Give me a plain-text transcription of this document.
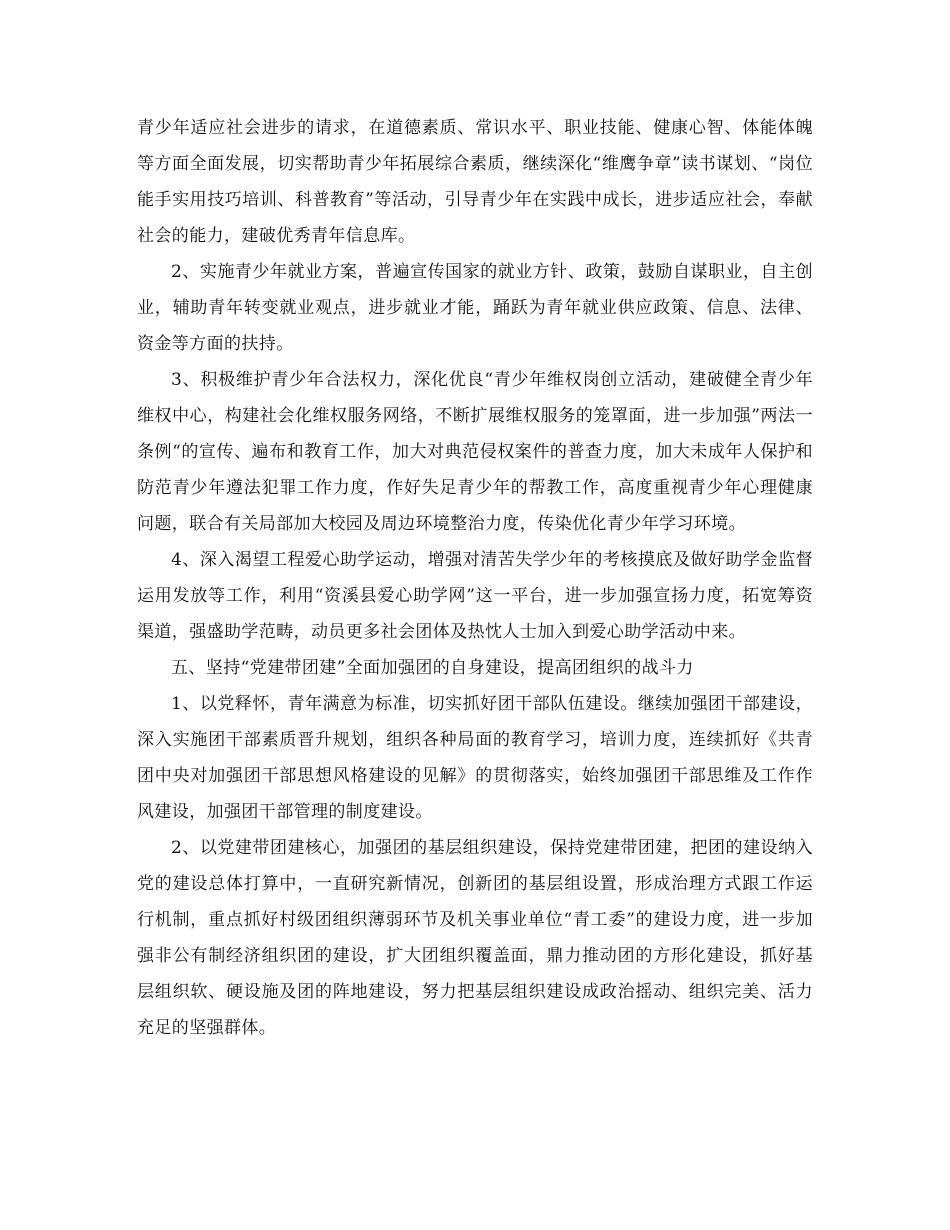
青少年适应社会进步的请求，在道德素质、常识水平、职业技能、健康心智、体能体魄等方面全面发展，切实帮助青少年拓展综合素质，继续深化“维鹰争章”读书谋划、“岗位能手实用技巧培训、科普教育”等活动，引导青少年在实践中成长，进步适应社会，奉献社会的能力，建破优秀青年信息库。

2、实施青少年就业方案，普遍宣传国家的就业方针、政策，鼓励自谋职业，自主创业，辅助青年转变就业观点，进步就业才能，踊跃为青年就业供应政策、信息、法律、资金等方面的扶持。

3、积极维护青少年合法权力，深化优良“青少年维权岗创立活动，建破健全青少年维权中心，构建社会化维权服务网络，不断扩展维权服务的笼罩面，进一步加强”两法一条例“的宣传、遍布和教育工作，加大对典范侵权案件的普查力度，加大未成年人保护和防范青少年遵法犯罪工作力度，作好失足青少年的帮教工作，高度重视青少年心理健康问题，联合有关局部加大校园及周边环境整治力度，传染优化青少年学习环境。

4、深入渴望工程爱心助学运动，增强对清苦失学少年的考核摸底及做好助学金监督运用发放等工作，利用“资溪县爱心助学网”这一平台，进一步加强宣扬力度，拓宽筹资渠道，强盛助学范畴，动员更多社会团体及热忱人士加入到爱心助学活动中来。

五、坚持“党建带团建”全面加强团的自身建设，提高团组织的战斗力

1、以党释怀，青年满意为标准，切实抓好团干部队伍建设。继续加强团干部建设，深入实施团干部素质晋升规划，组织各种局面的教育学习，培训力度，连续抓好《共青团中央对加强团干部思想风格建设的见解》的贯彻落实，始终加强团干部思维及工作作风建设，加强团干部管理的制度建设。

2、以党建带团建核心，加强团的基层组织建设，保持党建带团建，把团的建设纳入党的建设总体打算中，一直研究新情况，创新团的基层组设置，形成治理方式跟工作运行机制，重点抓好村级团组织薄弱环节及机关事业单位“青工委”的建设力度，进一步加强非公有制经济组织团的建设，扩大团组织覆盖面，鼎力推动团的方形化建设，抓好基层组织软、硬设施及团的阵地建设，努力把基层组织建设成政治摇动、组织完美、活力充足的坚强群体。
